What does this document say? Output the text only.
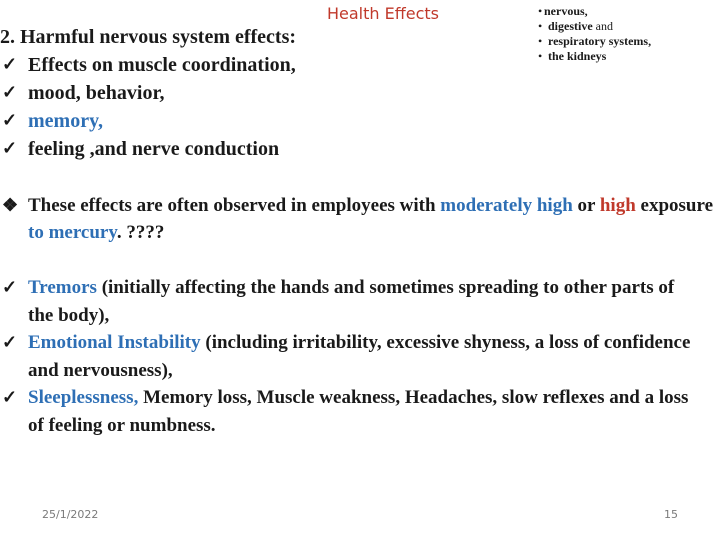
Health Effects
2. Harmful nervous system effects:
✓ Effects on muscle coordination,
✓ mood, behavior,
✓ memory,
✓ feeling ,and nerve conduction
• nervous,
• digestive and
• respiratory systems,
• the kidneys
❖ These effects are often observed in employees with moderately high or high exposure to mercury. ????
✓ Tremors (initially affecting the hands and sometimes spreading to other parts of the body),
✓ Emotional Instability (including irritability, excessive shyness, a loss of confidence and nervousness),
✓ Sleeplessness, Memory loss, Muscle weakness, Headaches, slow reflexes and a loss of feeling or numbness.
25/1/2022	15
